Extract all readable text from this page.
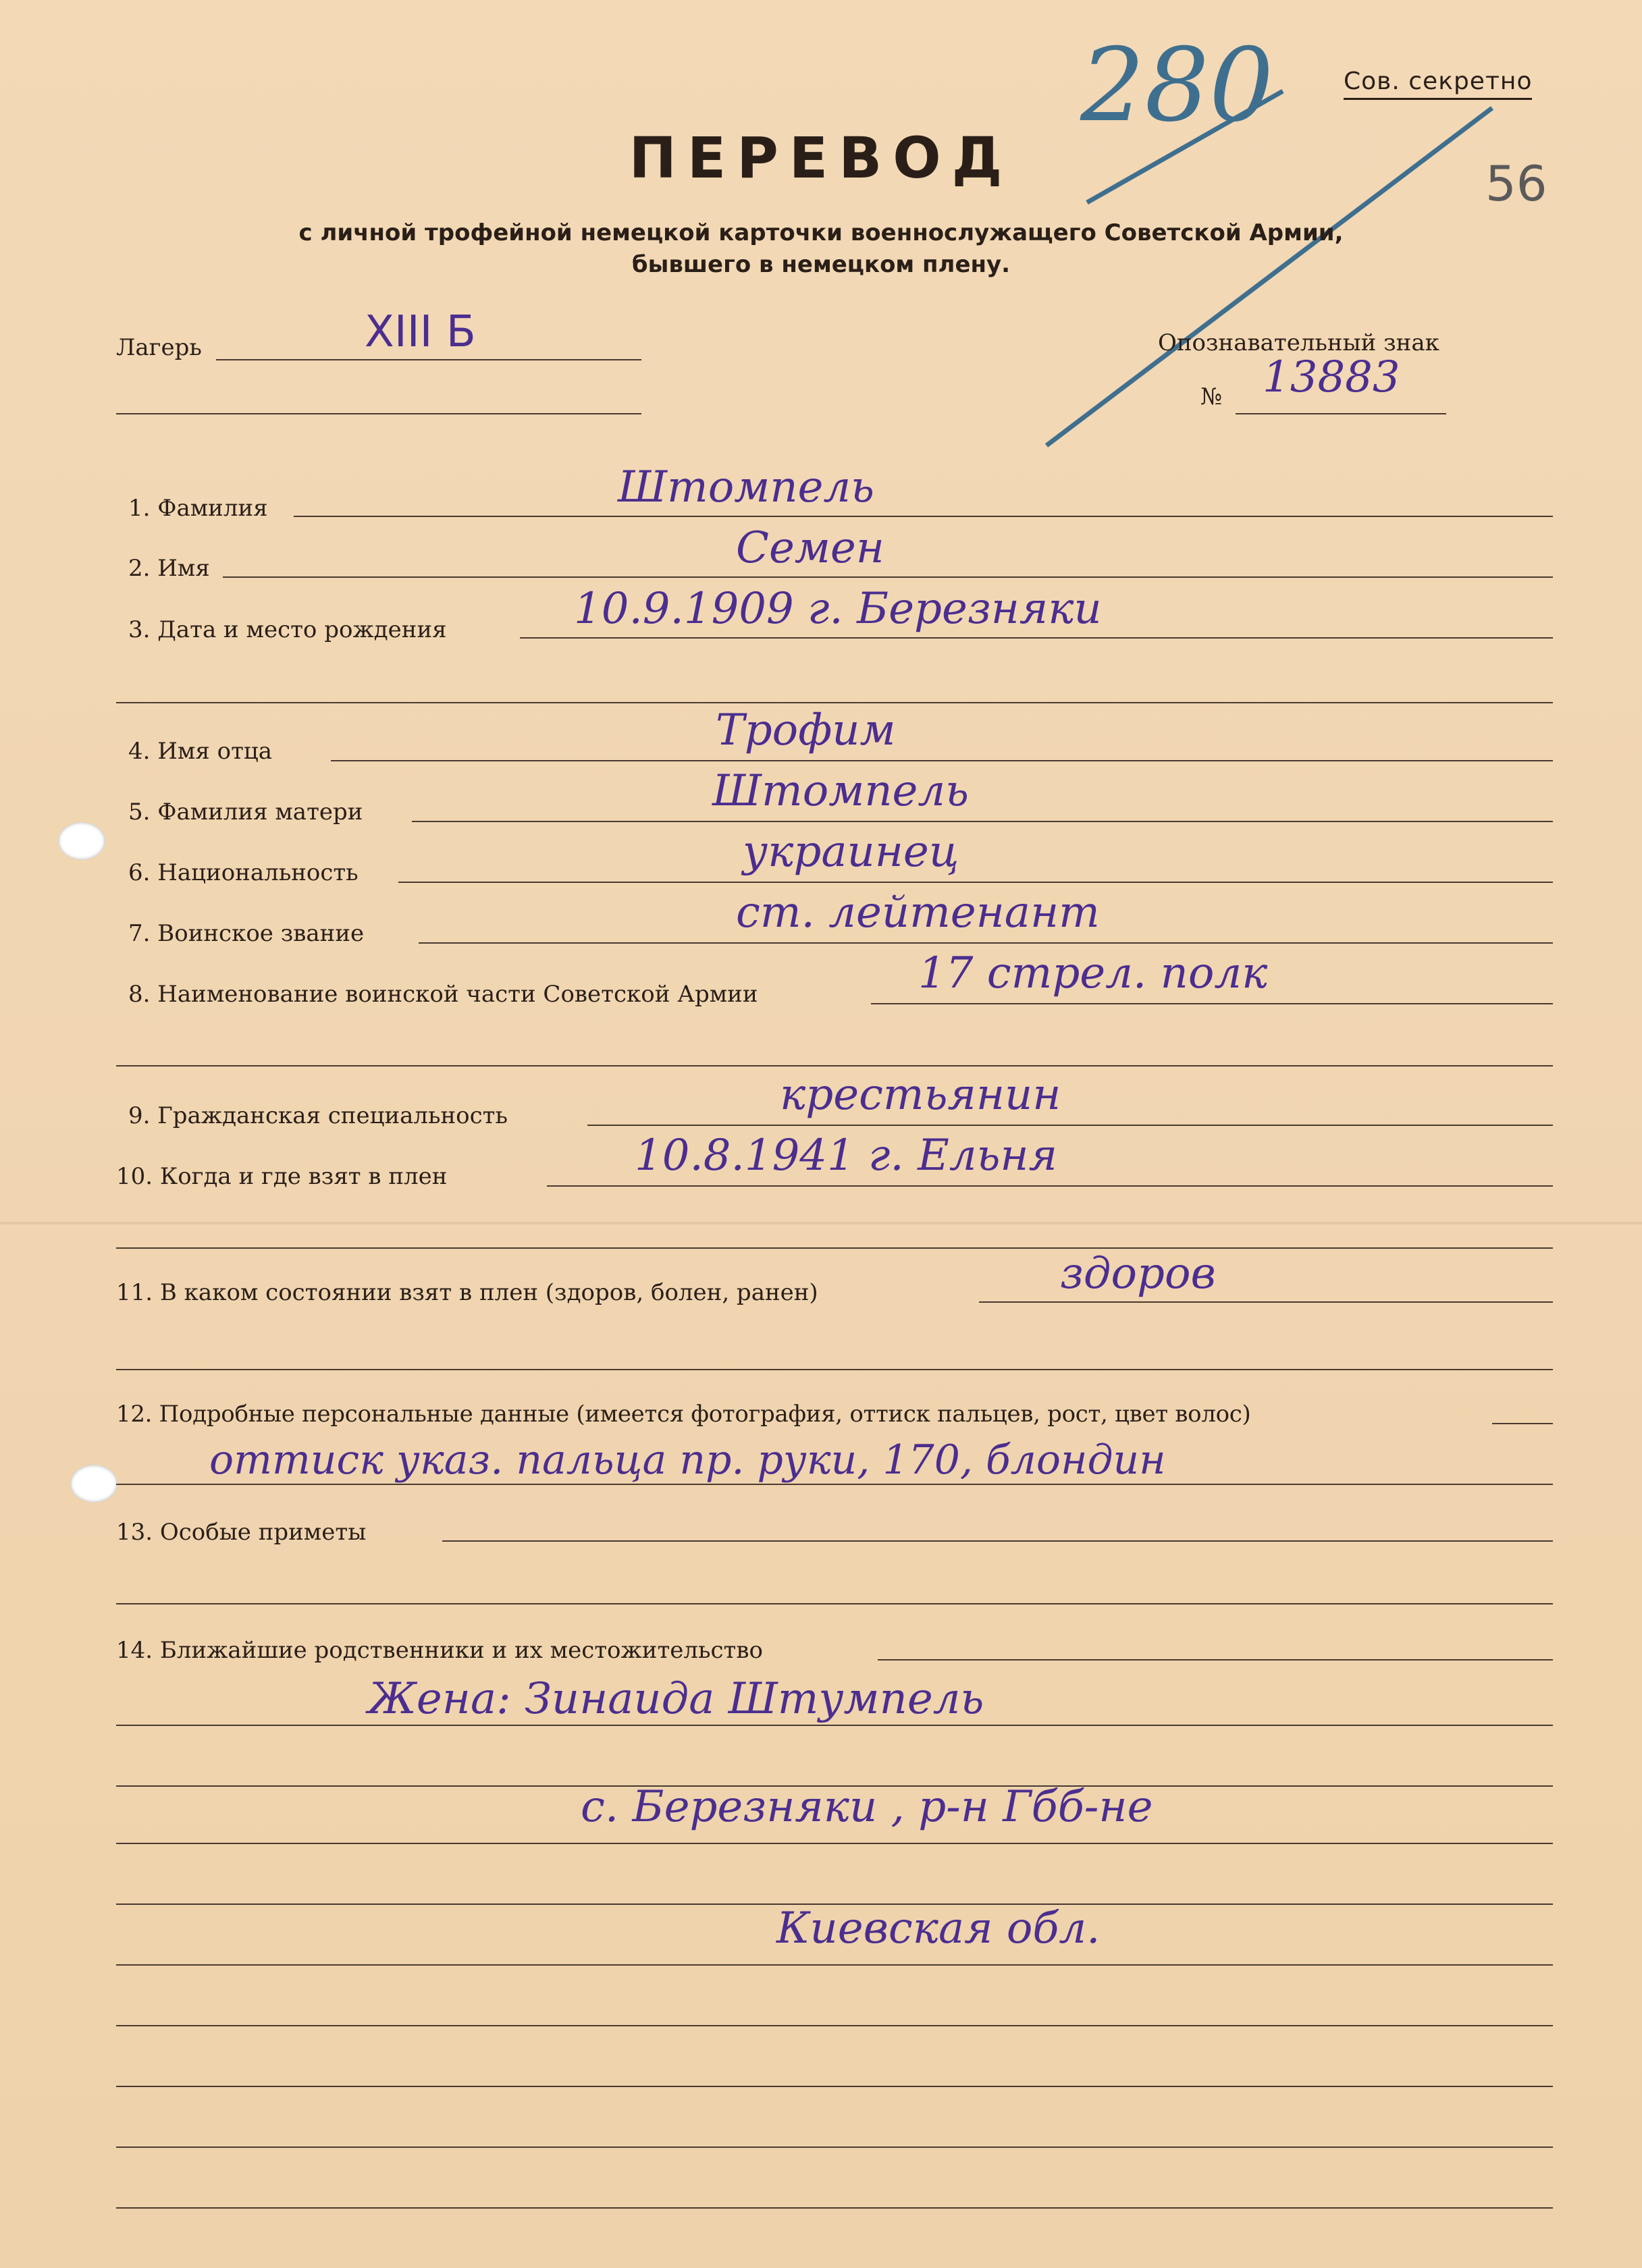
Сов. секретно
280
56
ПЕРЕВОД
с личной трофейной немецкой карточки военнослужащего Советской Армии,
бывшего в немецком плену.
Лагерь	XIII Б	Опознавательный знак
№ 13883
1. Фамилия	Штомпель
2. Имя	Семен
3. Дата и место рождения	10.9.1909 г. Березняки
4. Имя отца	Трофим
5. Фамилия матери	Штомпель
6. Национальность	украинец
7. Воинское звание	ст. лейтенант
8. Наименование воинской части Советской Армии	17 стрел. полк
9. Гражданская специальность	крестьянин
10. Когда и где взят в плен	10.8.1941 г. Ельня
11. В каком состоянии взят в плен (здоров, болен, ранен)	здоров
12. Подробные персональные данные (имеется фотография, оттиск пальцев, рост, цвет волос)
оттиск указ. пальца пр. руки, 170, блондин
13. Особые приметы
14. Ближайшие родственники и их местожительство
Жена: Зинаида Штумпель
с. Березняки , р-н Гбб-не
Киевская обл.
